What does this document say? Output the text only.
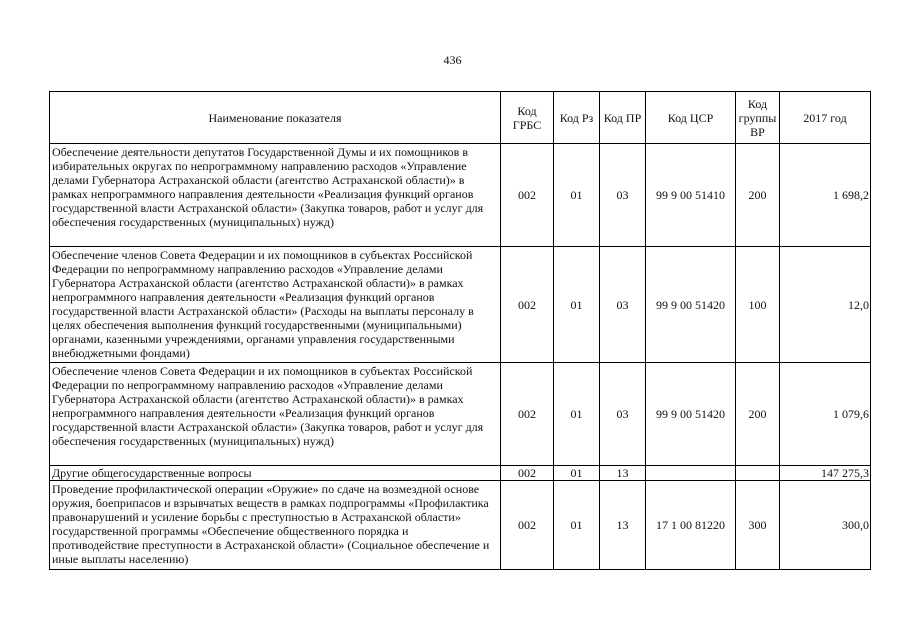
436
Наименование показателя	Код ГРБС	Код Рз	Код ПР	Код ЦСР	Код группы ВР	2017 год
Обеспечение деятельности депутатов Государственной Думы и их помощников в избирательных округах по непрограммному направлению расходов «Управление делами Губернатора Астраханской области (агентство Астраханской области)» в рамках непрограммного направления деятельности «Реализация функций органов государственной власти Астраханской области» (Закупка товаров, работ и услуг для обеспечения государственных (муниципальных) нужд)	002	01	03	99 9 00 51410	200	1 698,2
Обеспечение членов Совета Федерации и их помощников в субъектах Российской Федерации по непрограммному направлению расходов «Управление делами Губернатора Астраханской области (агентство Астраханской области)» в рамках непрограммного направления деятельности «Реализация функций органов государственной власти Астраханской области» (Расходы на выплаты персоналу в целях обеспечения выполнения функций государственными (муниципальными) органами, казенными учреждениями, органами управления государственными внебюджетными фондами)	002	01	03	99 9 00 51420	100	12,0
Обеспечение членов Совета Федерации и их помощников в субъектах Российской Федерации по непрограммному направлению расходов «Управление делами Губернатора Астраханской области (агентство Астраханской области)» в рамках непрограммного направления деятельности «Реализация функций органов государственной власти Астраханской области» (Закупка товаров, работ и услуг для обеспечения государственных (муниципальных) нужд)	002	01	03	99 9 00 51420	200	1 079,6
Другие общегосударственные вопросы	002	01	13			147 275,3
Проведение профилактической операции «Оружие» по сдаче на возмездной основе оружия, боеприпасов и взрывчатых веществ в рамках подпрограммы «Профилактика правонарушений и усиление борьбы с преступностью в Астраханской области» государственной программы «Обеспечение общественного порядка и противодействие преступности в Астраханской области» (Социальное обеспечение и иные выплаты населению)	002	01	13	17 1 00 81220	300	300,0
